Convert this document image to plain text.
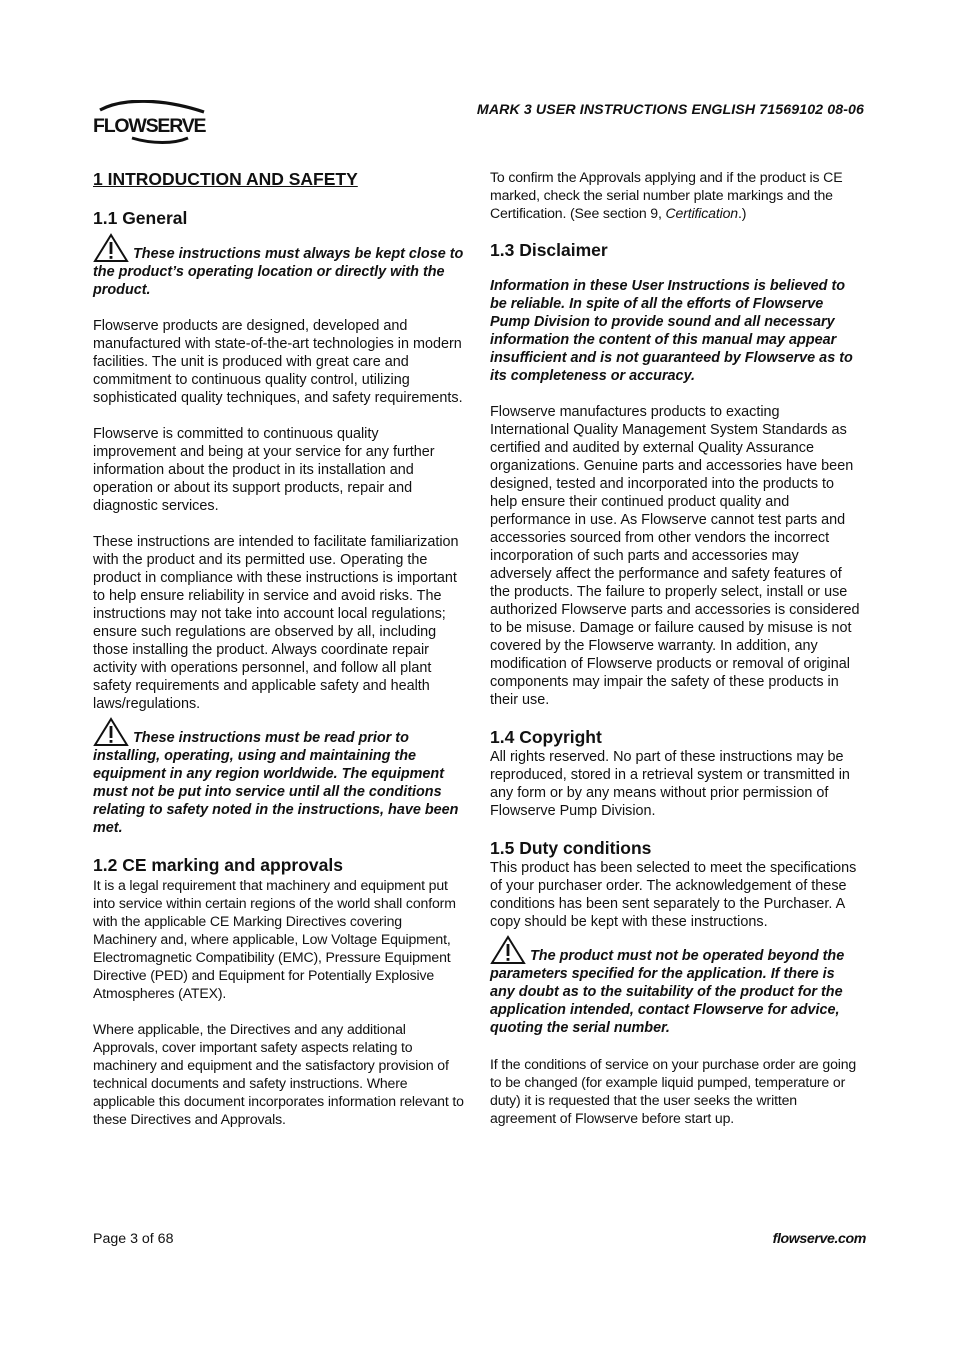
FLOWSERVE
MARK 3 USER INSTRUCTIONS ENGLISH 71569102 08-06
1 INTRODUCTION AND SAFETY
1.1 General

These instructions must always be kept close to the product’s operating location or directly with the product.

Flowserve products are designed, developed and manufactured with state-of-the-art technologies in modern facilities. The unit is produced with great care and commitment to continuous quality control, utilizing sophisticated quality techniques, and safety requirements.

Flowserve is committed to continuous quality improvement and being at your service for any further information about the product in its installation and operation or about its support products, repair and diagnostic services.

These instructions are intended to facilitate familiarization with the product and its permitted use. Operating the product in compliance with these instructions is important to help ensure reliability in service and avoid risks. The instructions may not take into account local regulations; ensure such regulations are observed by all, including those installing the product. Always coordinate repair activity with operations personnel, and follow all plant safety requirements and applicable safety and health laws/regulations.

These instructions must be read prior to installing, operating, using and maintaining the equipment in any region worldwide. The equipment must not be put into service until all the conditions relating to safety noted in the instructions, have been met.

1.2 CE marking and approvals

It is a legal requirement that machinery and equipment put into service within certain regions of the world shall conform with the applicable CE Marking Directives covering Machinery and, where applicable, Low Voltage Equipment, Electromagnetic Compatibility (EMC), Pressure Equipment Directive (PED) and Equipment for Potentially Explosive Atmospheres (ATEX).

Where applicable, the Directives and any additional Approvals, cover important safety aspects relating to machinery and equipment and the satisfactory provision of technical documents and safety instructions. Where applicable this document incorporates information relevant to these Directives and Approvals.

To confirm the Approvals applying and if the product is CE marked, check the serial number plate markings and the Certification. (See section 9, Certification.)

1.3 Disclaimer

Information in these User Instructions is believed to be reliable. In spite of all the efforts of Flowserve Pump Division to provide sound and all necessary information the content of this manual may appear insufficient and is not guaranteed by Flowserve as to its completeness or accuracy.

Flowserve manufactures products to exacting International Quality Management System Standards as certified and audited by external Quality Assurance organizations. Genuine parts and accessories have been designed, tested and incorporated into the products to help ensure their continued product quality and performance in use. As Flowserve cannot test parts and accessories sourced from other vendors the incorrect incorporation of such parts and accessories may adversely affect the performance and safety features of the products. The failure to properly select, install or use authorized Flowserve parts and accessories is considered to be misuse. Damage or failure caused by misuse is not covered by the Flowserve warranty. In addition, any modification of Flowserve products or removal of original components may impair the safety of these products in their use.

1.4 Copyright

All rights reserved. No part of these instructions may be reproduced, stored in a retrieval system or transmitted in any form or by any means without prior permission of Flowserve Pump Division.

1.5 Duty conditions

This product has been selected to meet the specifications of your purchaser order. The acknowledgement of these conditions has been sent separately to the Purchaser. A copy should be kept with these instructions.

The product must not be operated beyond the parameters specified for the application. If there is any doubt as to the suitability of the product for the application intended, contact Flowserve for advice, quoting the serial number.

If the conditions of service on your purchase order are going to be changed (for example liquid pumped, temperature or duty) it is requested that the user seeks the written agreement of Flowserve before start up.

Page 3 of 68	flowserve.com
